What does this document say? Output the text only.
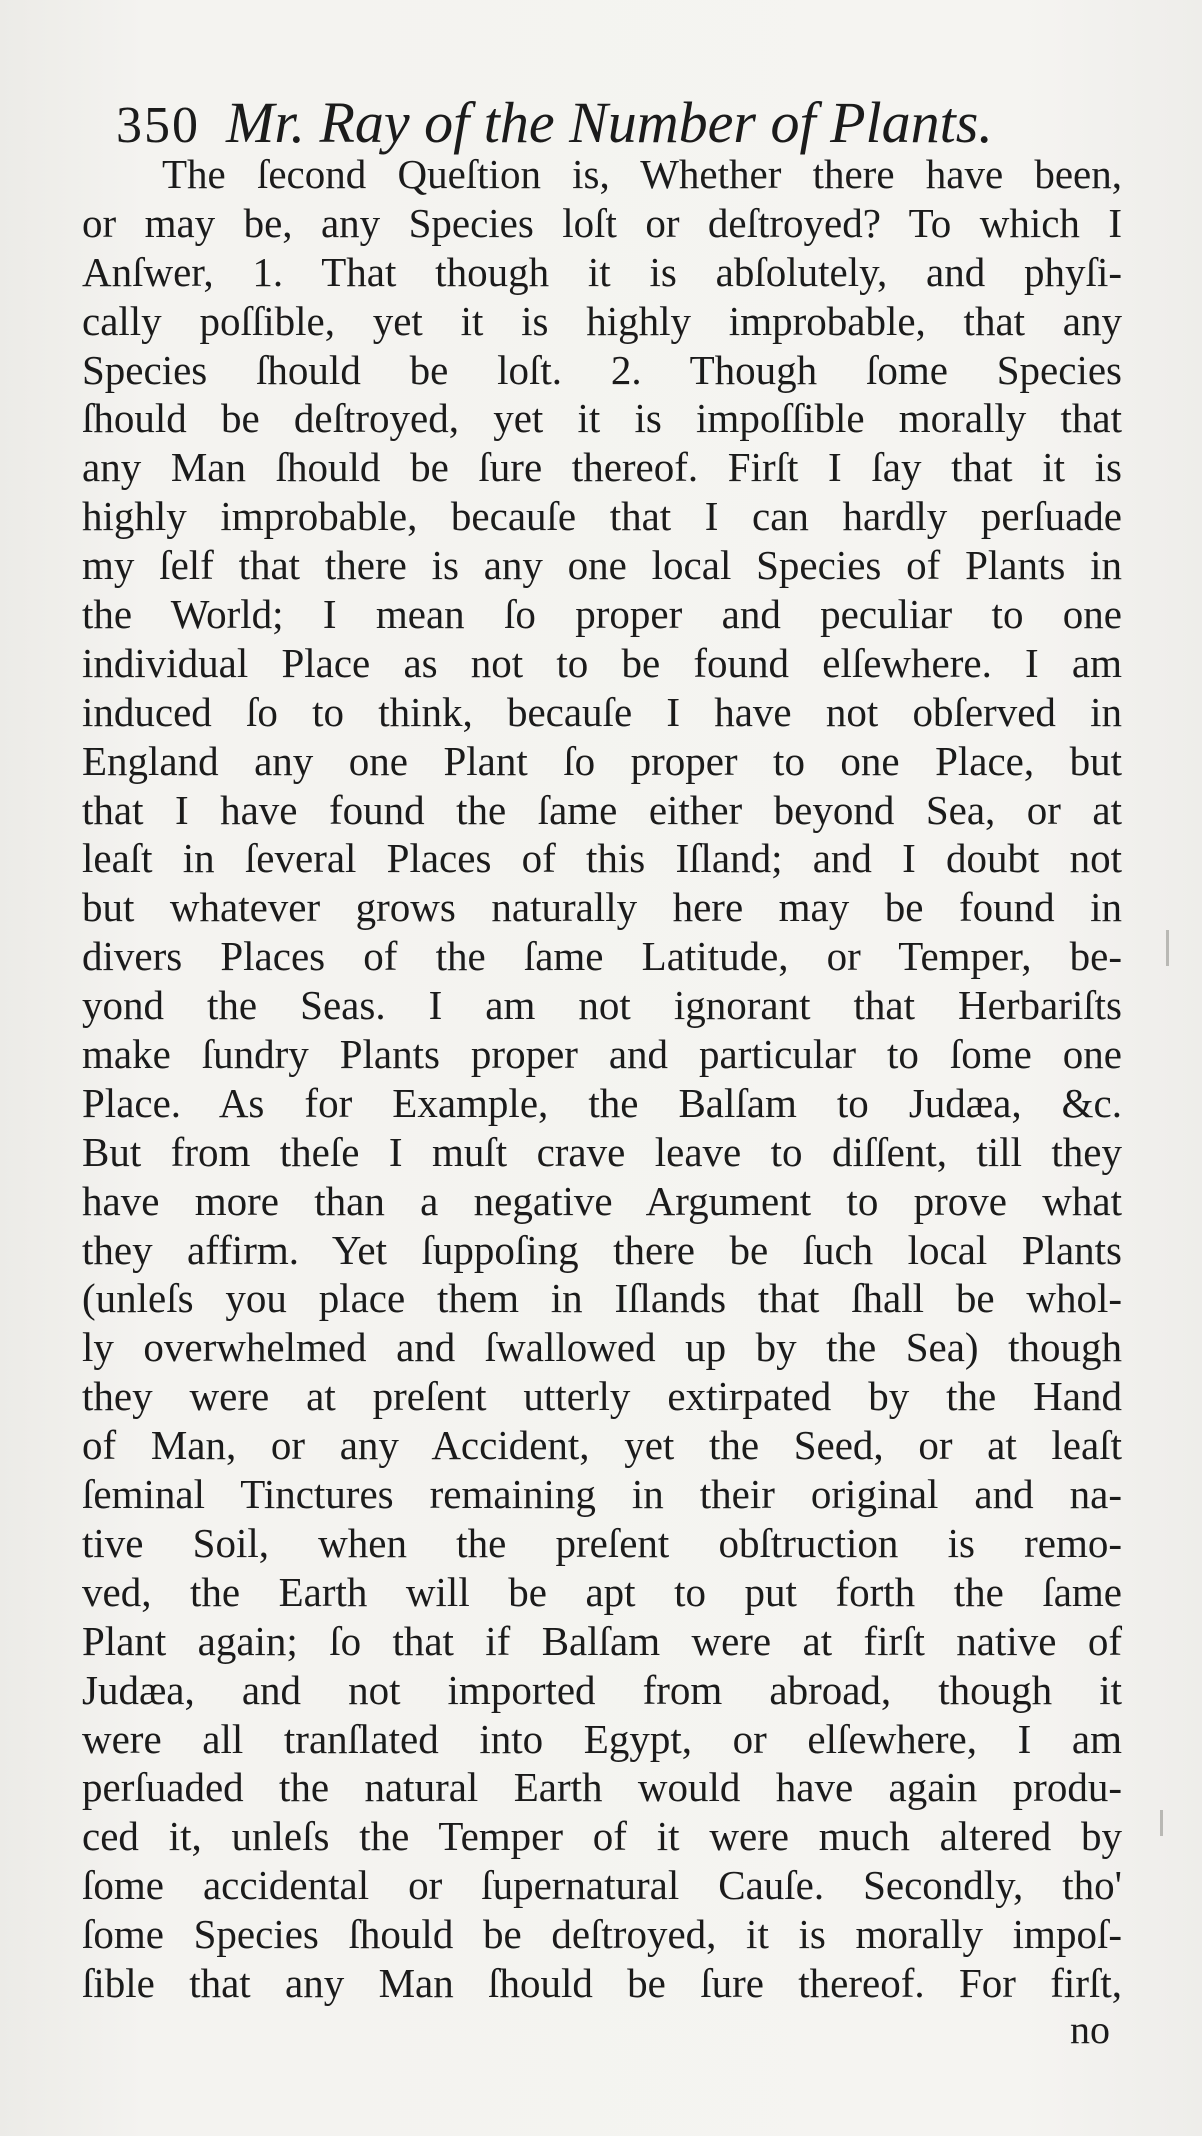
350 Mr. Ray of the Number of Plants.
The ſecond Queſtion is, Whether there have been,
or may be, any Species loſt or deſtroyed? To which I
Anſwer, 1. That though it is abſolutely, and phyſi-
cally poſſible, yet it is highly improbable, that any
Species ſhould be loſt. 2. Though ſome Species
ſhould be deſtroyed, yet it is impoſſible morally that
any Man ſhould be ſure thereof. Firſt I ſay that it is
highly improbable, becauſe that I can hardly perſuade
my ſelf that there is any one local Species of Plants in
the World; I mean ſo proper and peculiar to one
individual Place as not to be found elſewhere. I am
induced ſo to think, becauſe I have not obſerved in
England any one Plant ſo proper to one Place, but
that I have found the ſame either beyond Sea, or at
leaſt in ſeveral Places of this Iſland; and I doubt not
but whatever grows naturally here may be found in
divers Places of the ſame Latitude, or Temper, be-
yond the Seas. I am not ignorant that Herbariſts
make ſundry Plants proper and particular to ſome one
Place. As for Example, the Balſam to Judæa, &c.
But from theſe I muſt crave leave to diſſent, till they
have more than a negative Argument to prove what
they affirm. Yet ſuppoſing there be ſuch local Plants
(unleſs you place them in Iſlands that ſhall be whol-
ly overwhelmed and ſwallowed up by the Sea) though
they were at preſent utterly extirpated by the Hand
of Man, or any Accident, yet the Seed, or at leaſt
ſeminal Tinctures remaining in their original and na-
tive Soil, when the preſent obſtruction is remo-
ved, the Earth will be apt to put forth the ſame
Plant again; ſo that if Balſam were at firſt native of
Judæa, and not imported from abroad, though it
were all tranſlated into Egypt, or elſewhere, I am
perſuaded the natural Earth would have again produ-
ced it, unleſs the Temper of it were much altered by
ſome accidental or ſupernatural Cauſe. Secondly, tho'
ſome Species ſhould be deſtroyed, it is morally impoſ-
ſible that any Man ſhould be ſure thereof. For firſt,
no
